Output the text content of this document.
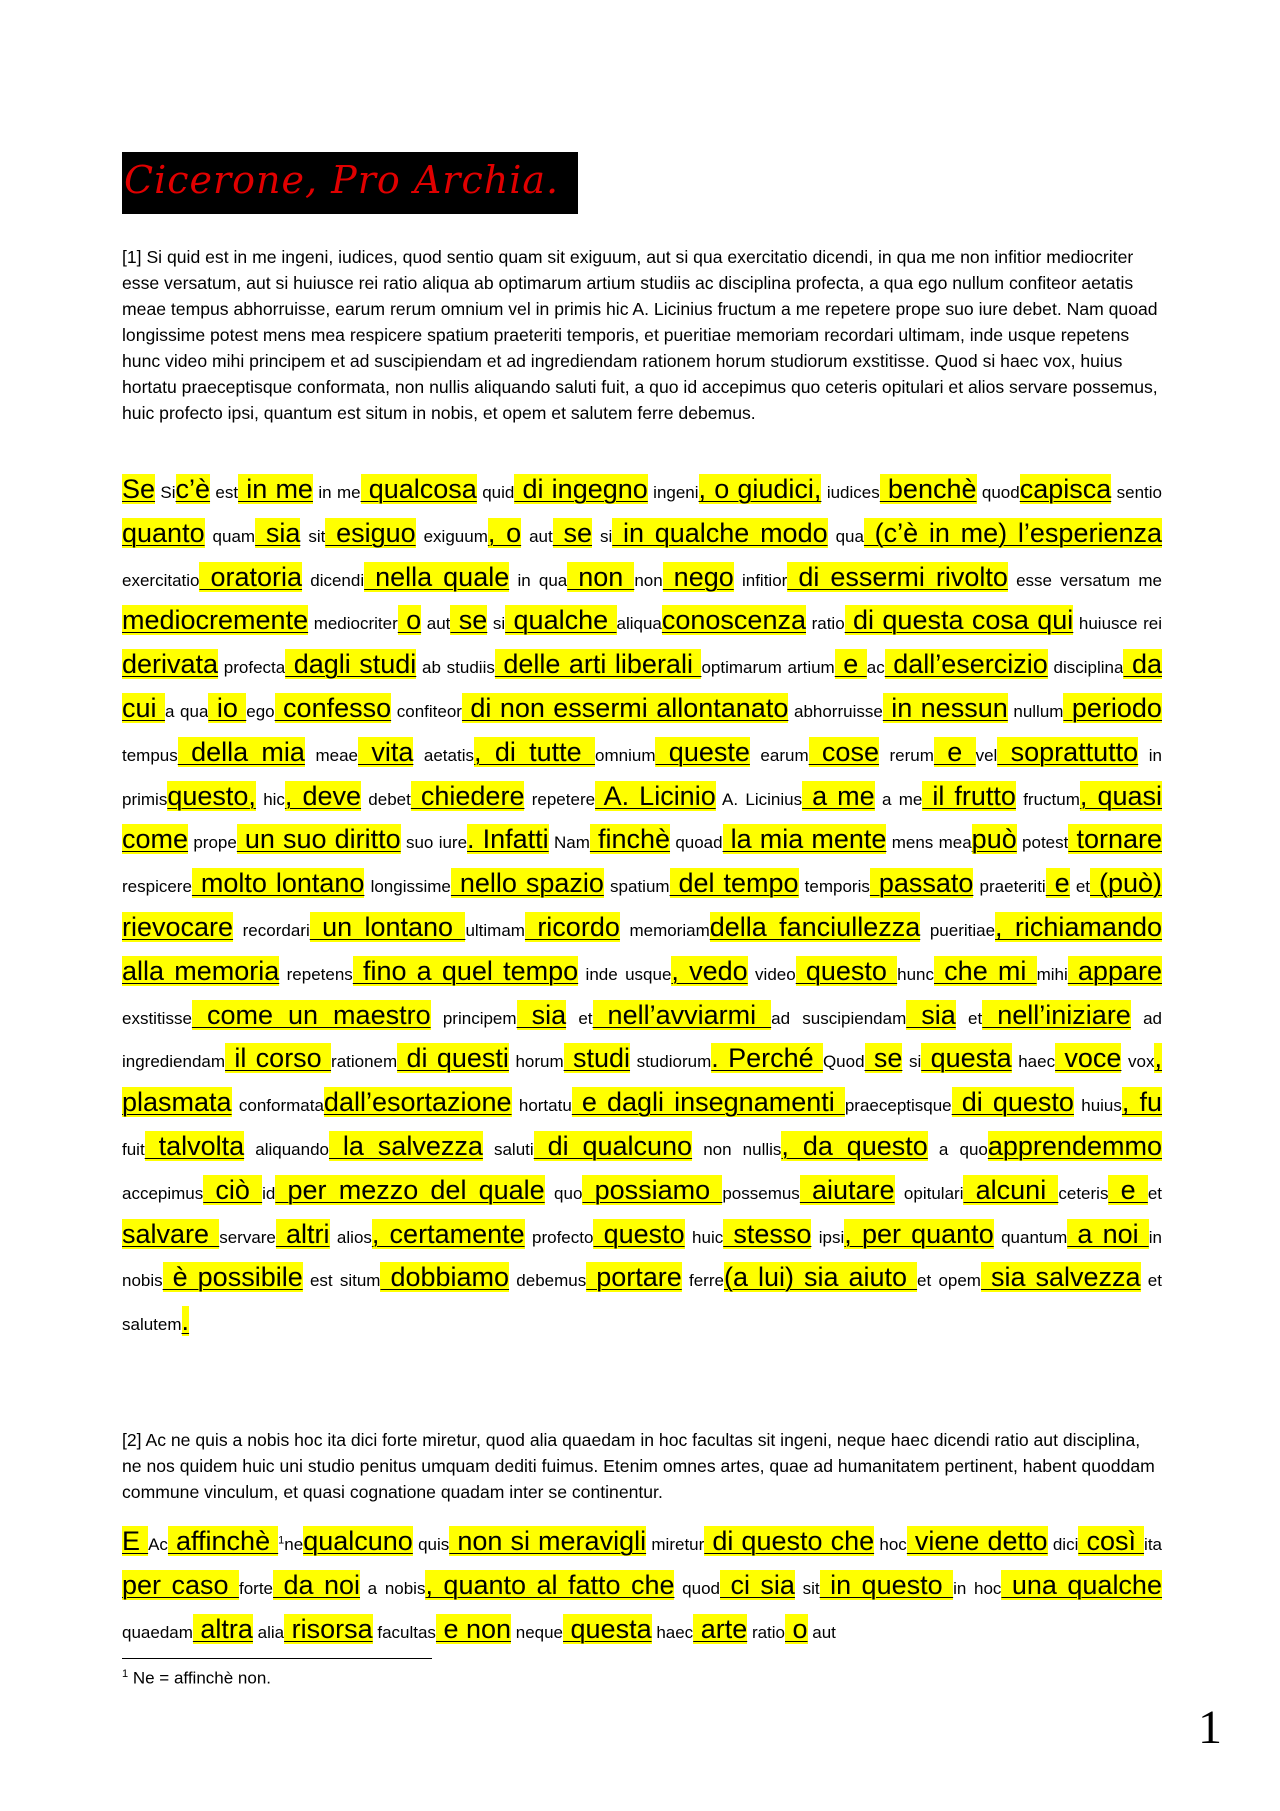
Cicerone, Pro Archia.

[1] Si quid est in me ingeni, iudices, quod sentio quam sit exiguum, aut si qua exercitatio dicendi, in qua me non infitior mediocriter esse versatum, aut si huiusce rei ratio aliqua ab optimarum artium studiis ac disciplina profecta, a qua ego nullum confiteor aetatis meae tempus abhorruisse, earum rerum omnium vel in primis hic A. Licinius fructum a me repetere prope suo iure debet. Nam quoad longissime potest mens mea respicere spatium praeteriti temporis, et pueritiae memoriam recordari ultimam, inde usque repetens hunc video mihi principem et ad suscipiendam et ad ingrediendam rationem horum studiorum exstitisse. Quod si haec vox, huius hortatu praeceptisque conformata, non nullis aliquando saluti fuit, a quo id accepimus quo ceteris opitulari et alios servare possemus, huic profecto ipsi, quantum est situm in nobis, et opem et salutem ferre debemus.

Se Sic’è est in me in me qualcosa quid di ingegno ingeni, o giudici, iudices benchè quodcapisca sentio quanto quam sia sit esiguo exiguum, o aut se si in qualche modo qua (c’è in me) l’esperienza exercitatio oratoria dicendi nella quale in qua non non nego infitior di essermi rivolto esse versatum me mediocremente mediocriter o aut se si qualche aliquaconoscenza ratio di questa cosa qui huiusce rei derivata profecta dagli studi ab studiis delle arti liberali optimarum artium e ac dall’esercizio disciplina da cui a qua io ego confesso confiteor di non essermi allontanato abhorruisse in nessun nullum periodo tempus della mia meae vita aetatis, di tutte omnium queste earum cose rerum e vel soprattutto in primisquesto, hic, deve debet chiedere repetere A. Licinio A. Licinius a me a me il frutto fructum, quasi come prope un suo diritto suo iure. Infatti Nam finchè quoad la mia mente mens meapuò potest tornare respicere molto lontano longissime nello spazio spatium del tempo temporis passato praeteriti e et (può) rievocare recordari un lontano ultimam ricordo memoriamdella fanciullezza pueritiae, richiamando alla memoria repetens fino a quel tempo inde usque, vedo video questo hunc che mi mihi appare exstitisse come un maestro principem sia et nell’avviarmi ad suscipiendam sia et nell’iniziare ad ingrediendam il corso rationem di questi horum studi studiorum. Perché Quod se si questa haec voce vox, plasmata conformatadall’esortazione hortatu e dagli insegnamenti praeceptisque di questo huius, fu fuit talvolta aliquando la salvezza saluti di qualcuno non nullis, da questo a quoapprendemmo accepimus ciò id per mezzo del quale quo possiamo possemus aiutare opitulari alcuni ceteris e et salvare servare altri alios, certamente profecto questo huic stesso ipsi, per quanto quantum a noi in nobis è possibile est situm dobbiamo debemus portare ferre(a lui) sia aiuto et opem sia salvezza et salutem.

[2] Ac ne quis a nobis hoc ita dici forte miretur, quod alia quaedam in hoc facultas sit ingeni, neque haec dicendi ratio aut disciplina, ne nos quidem huic uni studio penitus umquam dediti fuimus. Etenim omnes artes, quae ad humanitatem pertinent, habent quoddam commune vinculum, et quasi cognatione quadam inter se continentur.

E Ac affinchè $^1$nequalcuno quis non si meravigli miretur di questo che hoc viene detto dici così ita per caso forte da noi a nobis, quanto al fatto che quod ci sia sit in questo in hoc una qualche quaedam altra alia risorsa facultas e non neque questa haec arte ratio o aut

$^1$ Ne = affinchè non.

1
